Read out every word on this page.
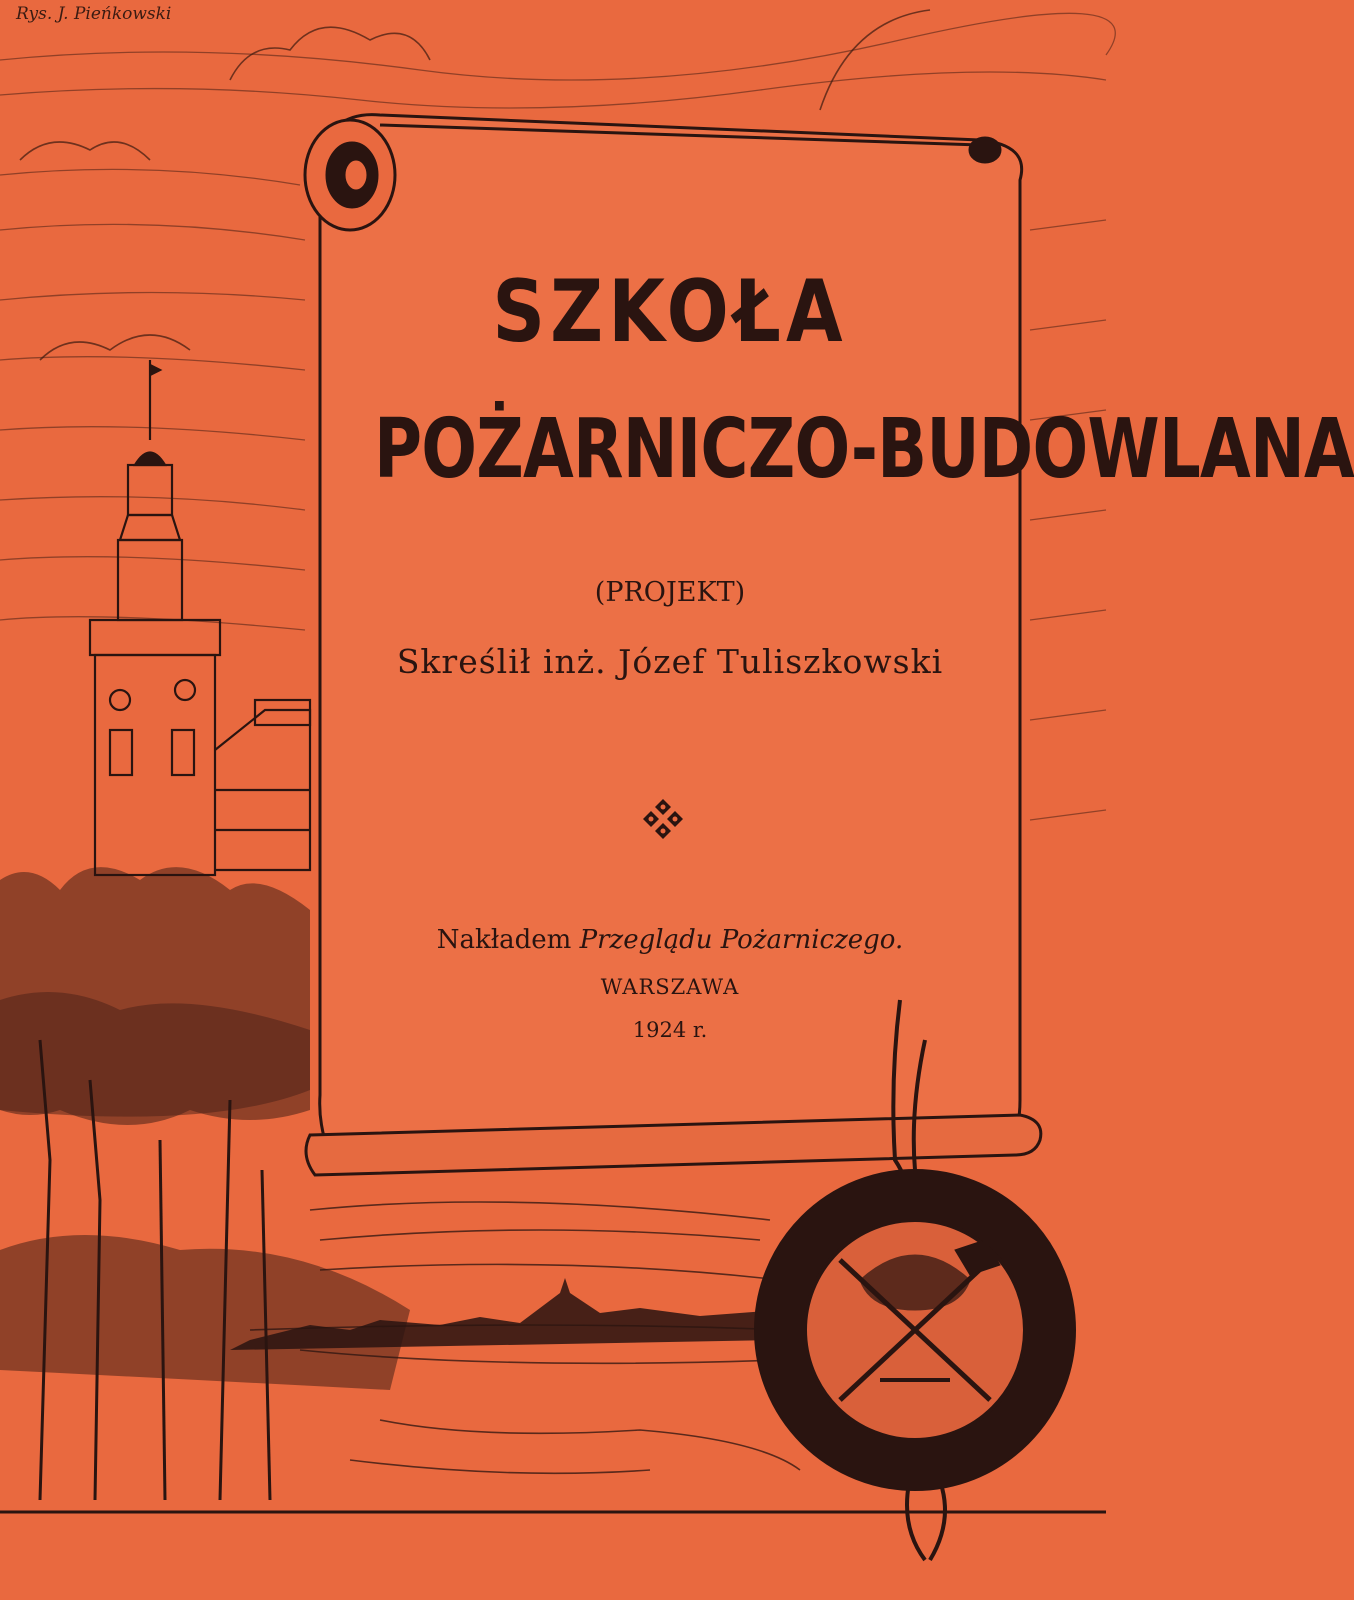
Rys. J. Pieńkowski
SZKOŁA
POŻARNICZO-BUDOWLANA
(PROJEKT)
Skreślił inż. Józef Tuliszkowski
Nakładem Przeglądu Pożarniczego.
WARSZAWA
1924 r.
